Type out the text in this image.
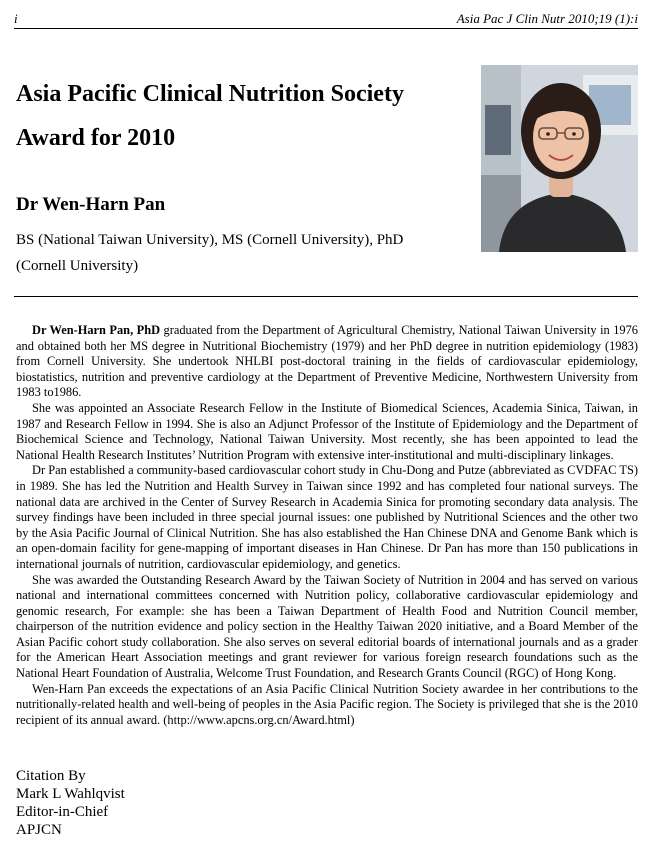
i	Asia Pac J Clin Nutr 2010;19 (1):i
Asia Pacific Clinical Nutrition Society
Award for 2010
Dr Wen-Harn Pan
BS (National Taiwan University), MS (Cornell University), PhD
(Cornell University)

Dr Wen-Harn Pan, PhD graduated from the Department of Agricultural Chemistry, National Taiwan University in 1976 and obtained both her MS degree in Nutritional Biochemistry (1979) and her PhD degree in nutrition epidemiology (1983) from Cornell University. She undertook NHLBI post-doctoral training in the fields of cardiovascular epidemiology, biostatistics, nutrition and preventive cardiology at the Department of Preventive Medicine, Northwestern University from 1983 to1986.

She was appointed an Associate Research Fellow in the Institute of Biomedical Sciences, Academia Sinica, Taiwan, in 1987 and Research Fellow in 1994. She is also an Adjunct Professor of the Institute of Epidemiology and the Department of Biochemical Science and Technology, National Taiwan University. Most recently, she has been appointed to lead the National Health Research Institutes’ Nutrition Program with extensive inter-institutional and multi-disciplinary linkages.

Dr Pan established a community-based cardiovascular cohort study in Chu-Dong and Putze (abbreviated as CVDFAC TS) in 1989. She has led the Nutrition and Health Survey in Taiwan since 1992 and has completed four national surveys. The national data are archived in the Center of Survey Research in Academia Sinica for promoting secondary data analysis. The survey findings have been included in three special journal issues: one published by Nutritional Sciences and the other two by the Asia Pacific Journal of Clinical Nutrition. She has also established the Han Chinese DNA and Genome Bank which is an open-domain facility for gene-mapping of important diseases in Han Chinese. Dr Pan has more than 150 publications in international journals of nutrition, cardiovascular epidemiology, and genetics.

She was awarded the Outstanding Research Award by the Taiwan Society of Nutrition in 2004 and has served on various national and international committees concerned with Nutrition policy, collaborative cardiovascular epidemiology and genomic research, For example: she has been a Taiwan Department of Health Food and Nutrition Council member, chairperson of the nutrition evidence and policy section in the Healthy Taiwan 2020 initiative, and a Board Member of the Asian Pacific cohort study collaboration. She also serves on several editorial boards of international journals and as a grader for the American Heart Association meetings and grant reviewer for various foreign research foundations such as the National Heart Foundation of Australia, Welcome Trust Foundation, and Research Grants Council (RGC) of Hong Kong.

Wen-Harn Pan exceeds the expectations of an Asia Pacific Clinical Nutrition Society awardee in her contributions to the nutritionally-related health and well-being of peoples in the Asia Pacific region. The Society is privileged that she is the 2010 recipient of its annual award. (http://www.apcns.org.cn/Award.html)

Citation By
Mark L Wahlqvist
Editor-in-Chief
APJCN
